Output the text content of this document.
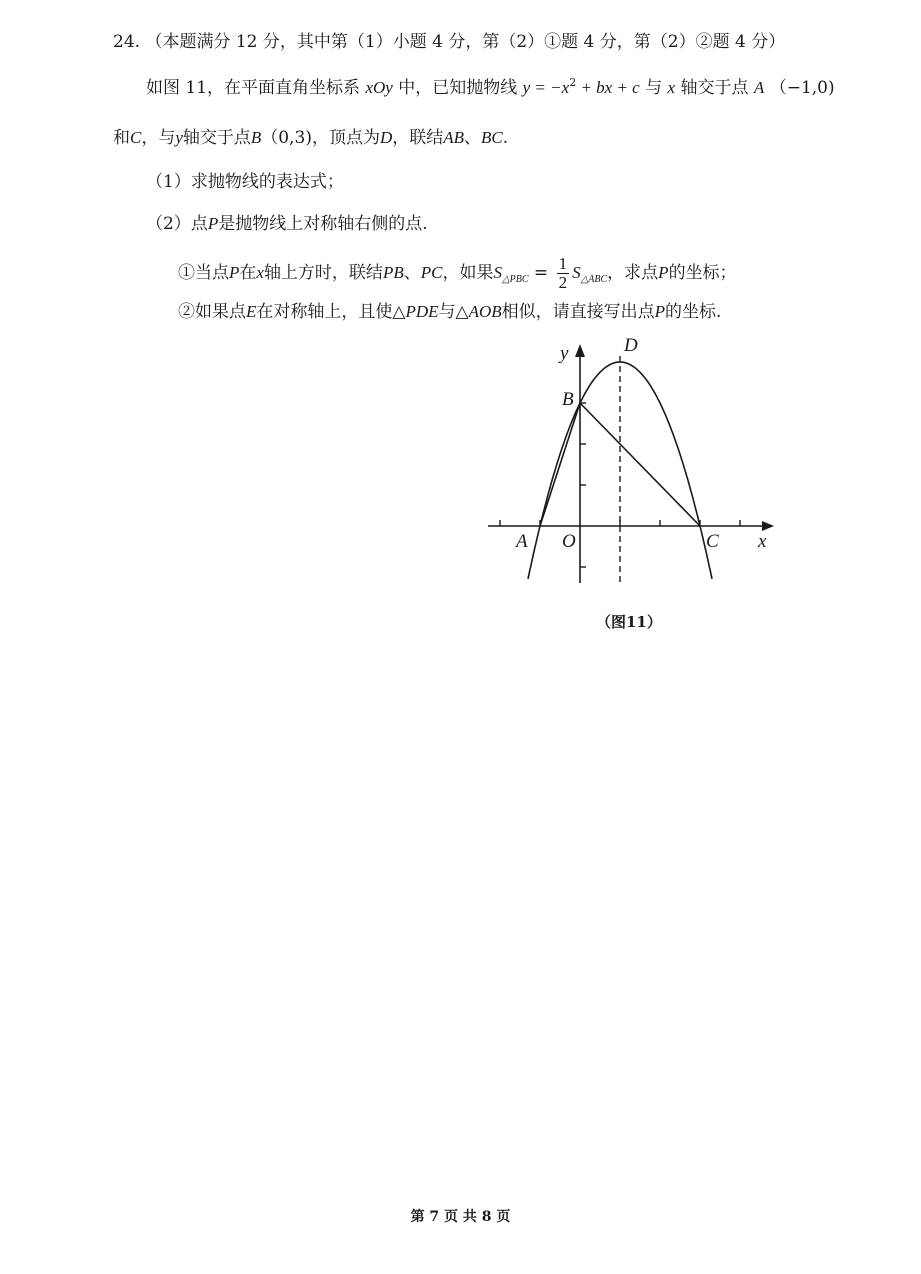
24. （本题满分 12 分，其中第（1）小题 4 分，第（2）①题 4 分，第（2）②题 4 分）
如图 11，在平面直角坐标系 xOy 中，已知抛物线 $y = -x^2$ + bx + c 与 x 轴交于点 A （−1,0)
和C，与y轴交于点B（0,3)，顶点为D，联结AB、BC.
（1）求抛物线的表达式；
（2）点P是抛物线上对称轴右侧的点.
①当点P在x轴上方时，联结PB、PC，如果$S_{\triangle PBC} = \frac{1}{2} S_{\triangle ABC}$，求点P的坐标；
②如果点E在对称轴上，且使△PDE与△AOB相似，请直接写出点P的坐标.
y	D
B
A O	C x
（图11）
第 7 页 共 8 页
